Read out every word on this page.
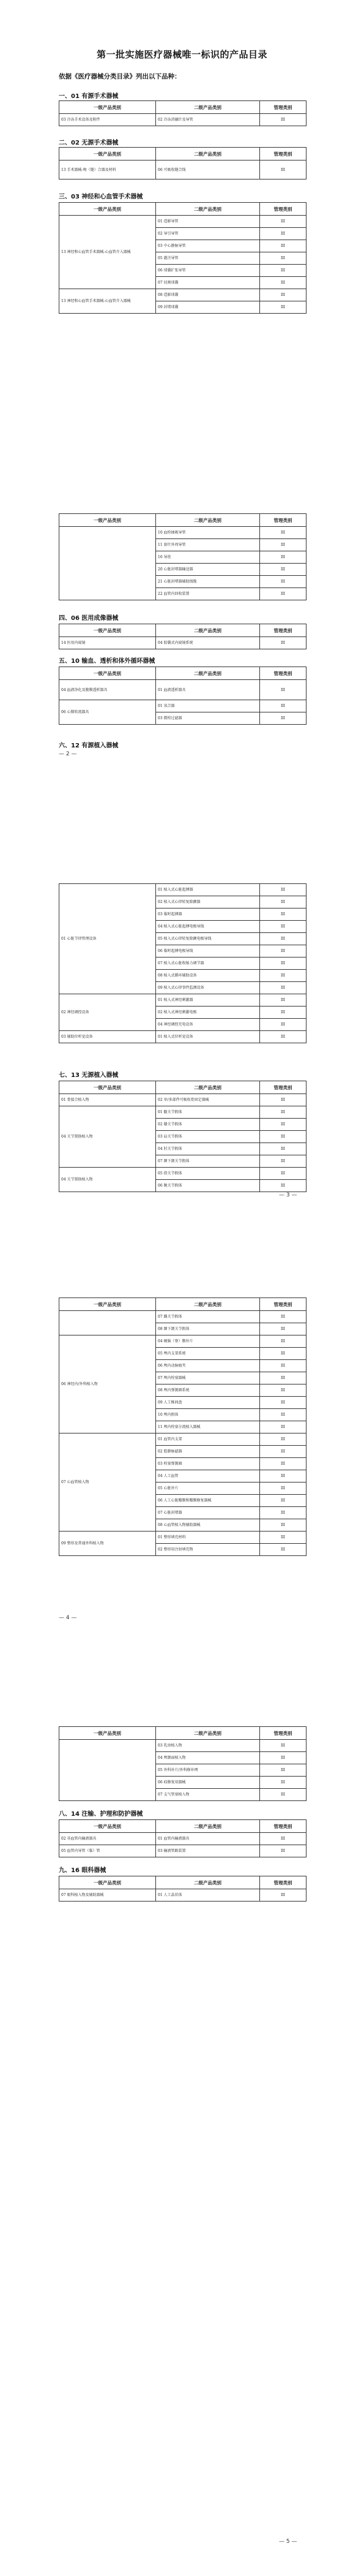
第一批实施医疗器械唯一标识的产品目录
依据《医疗器械分类目录》列出以下品种：
一、01 有源手术器械
一级产品类别	二级产品类别	管理类别
03 冷冻手术设备及附件	02 冷冻消融针及导管	III
二、02 无源手术器械
一级产品类别	二级产品类别	管理类别
13 手术器械-吻（缝）合器及材料	06 可吸收缝合线	III
三、03 神经和心血管手术器械
一级产品类别	二级产品类别	管理类别
13 神经和心血管手术器械-心血管介入器械	01 造影导管	III
	02 导引导管	III
	03 中心静脉导管	III
	05 灌注导管	III
	06 球囊扩张导管	III
	07 切割球囊	III
13 神经和心血管手术器械-心血管介入器械	08 造影球囊	III
	09 封堵球囊	III
一级产品类别	二级产品类别	管理类别
	10 血栓抽吸导管	III
	11 套针外周导管	III
	16 导丝	III
	20 心脏封堵器输送器	III
	21 心脏封堵器辅助线缆	III
	22 血管内回收装置	III
四、06 医用成像器械
一级产品类别	二级产品类别	管理类别
14 医用内窥镜	04 胶囊式内窥镜系统	III
五、10 输血、透析和体外循环器械
一级产品类别	二级产品类别	管理类别
04 血液净化及腹膜透析器具	01 血液透析器具	III
06 心肺转流器具	01 氧合器	III
	03 微栓过滤器	III
六、12 有源植入器械
— 2 —
01 心脏节律管理设备	01 植入式心脏起搏器	III
	02 植入式心律转复除颤器	III
	03 临时起搏器	III
	04 植入式心脏起搏电极导线	III
	05 植入式心律转复除颤电极导线	III
	06 临时起搏电极导线	III
	07 植入式心脏收缩力调节器	III
	08 植入式循环辅助设备	III
	09 植入式心律事件监测设备	III
02 神经调控设备	01 植入式神经刺激器	III
	02 植入式神经刺激电极	III
	04 神经调控充电设备	III
03 辅助位听觉设备	01 植入式位听觉设备	III
七、13 无源植入器械
一级产品类别	二级产品类别	管理类别
01 骨接合植入物	02 单/多部件可吸收骨固定器械	III
04 关节置换植入物	01 髋关节假体	III
	02 膝关节假体	III
	03 肩关节假体	III
	04 肘关节假体	III
	07 颞下颌关节假体	III
04 关节置换植入物	05 指关节假体	III
	06 腕关节假体	III
— 3 —
一级产品类别	二级产品类别	管理类别
	07 踝关节假体	III
	08 颞下颌关节假体	III
06 神经内/外科植入物	04 硬脑（脊）膜补片	III
	05 颅内支架系统	III
	06 颅内动脉瘤夹	III
	07 颅内栓塞器械	III
	08 颅内弹簧圈系统	III
	09 人工椎间盘	III
	10 颅内假体	III
	11 颅内栓塞分流植入器械	III
07 心血管植入物	01 血管内支架	III
	02 腔静脉滤器	III
	03 栓塞弹簧圈	III
	04 人工血管	III
	05 心脏补片	III
	06 人工心脏瓣膜和瓣膜修复器械	III
	07 心脏封堵器	III
	08 心血管植入物辅助器械	III
09 整形及普通外科植入物	01 整形填充材料	III
	02 整形用注射填充物	III
— 4 —
一级产品类别	二级产品类别	管理类别
	03 乳房植入物	III
	04 颅颌面植入物	III
	05 外科补片/外科修补网	III
	06 疝修复用器械	III
	07 支气管塞植入物	III
八、14 注输、护理和防护器械
一级产品类别	二级产品类别	管理类别
02 非血管内输液器具	01 血管内输液器具	III
05 血管内导管（临）管	03 输液管路装置	III
九、16 眼科器械
一级产品类别	二级产品类别	管理类别
07 眼科植入物及辅助器械	01 人工晶状体	III
— 5 —
